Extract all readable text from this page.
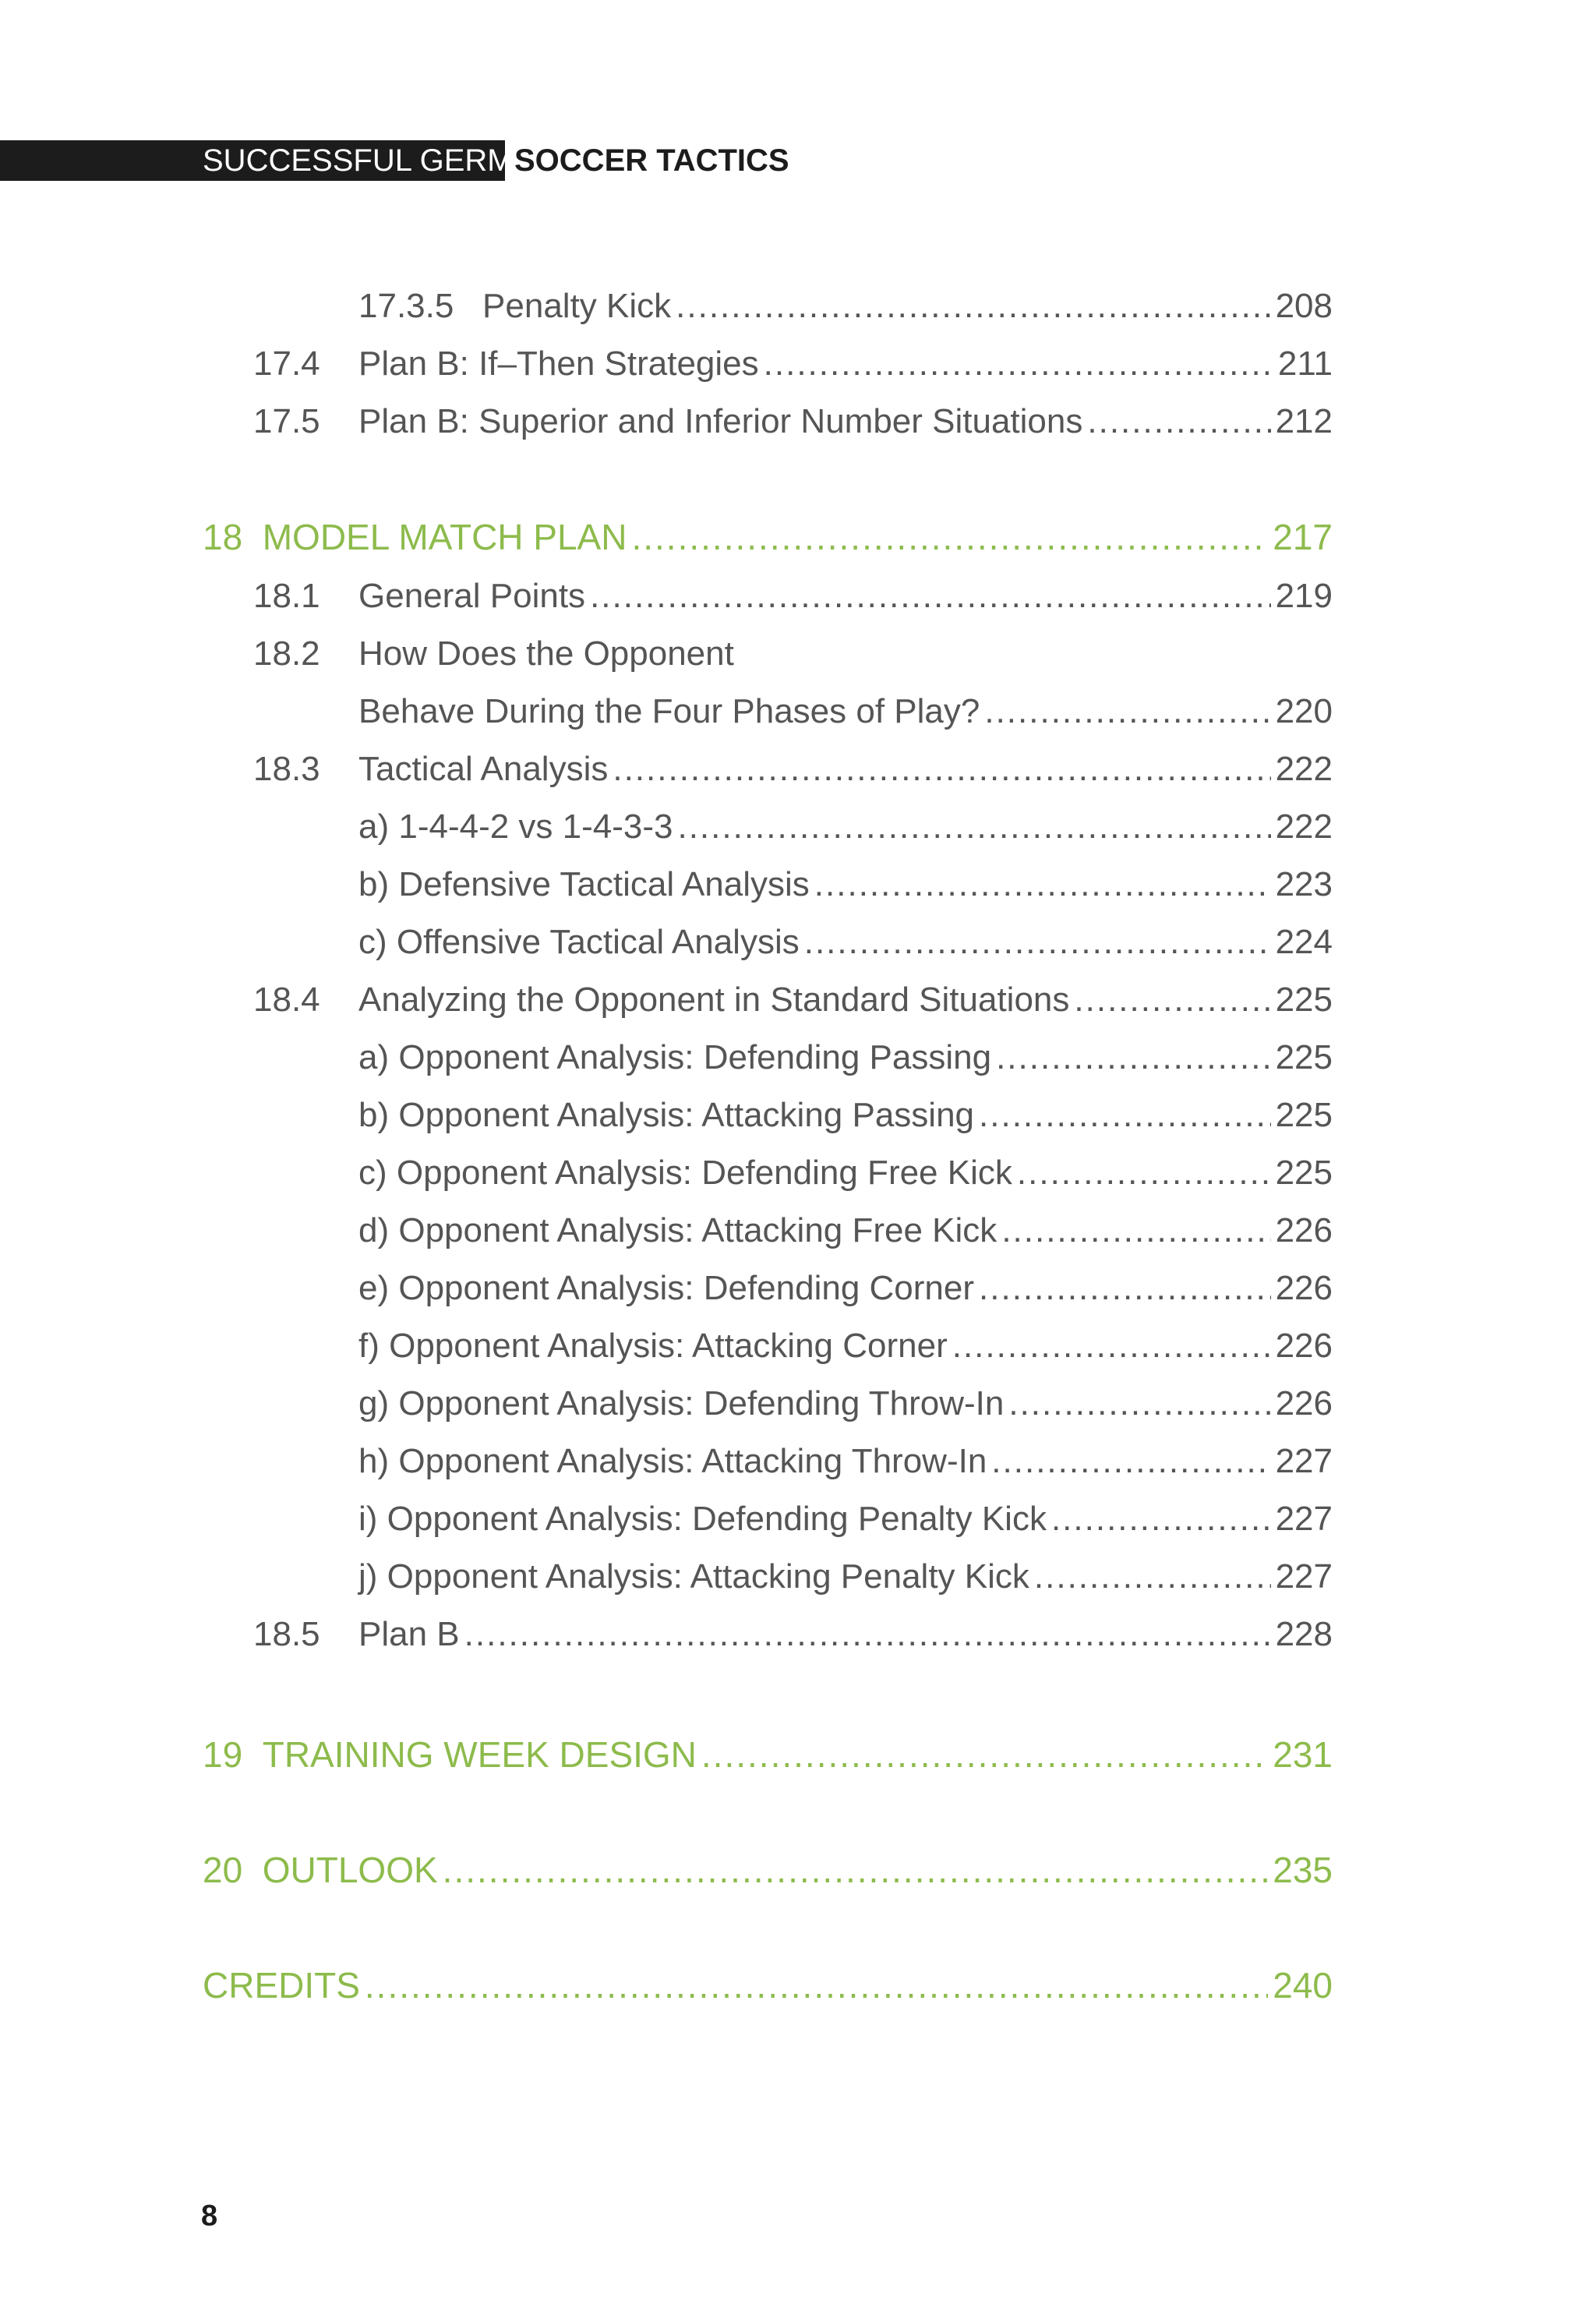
SUCCESSFUL GERMAN
SOCCER TACTICS
17.3.5 Penalty Kick .....	208
17.4 Plan B: If–Then Strategies .....	211
17.5 Plan B: Superior and Inferior Number Situations .....	212
18 MODEL MATCH PLAN .....	217
18.1 General Points .....	219
18.2 How Does the Opponent
Behave During the Four Phases of Play? .....	220
18.3 Tactical Analysis .....	222
a) 1-4-4-2 vs 1-4-3-3 .....	222
b) Defensive Tactical Analysis .....	223
c) Offensive Tactical Analysis .....	224
18.4 Analyzing the Opponent in Standard Situations .....	225
a) Opponent Analysis: Defending Passing .....	225
b) Opponent Analysis: Attacking Passing .....	225
c) Opponent Analysis: Defending Free Kick .....	225
d) Opponent Analysis: Attacking Free Kick .....	226
e) Opponent Analysis: Defending Corner .....	226
f) Opponent Analysis: Attacking Corner .....	226
g) Opponent Analysis: Defending Throw-In .....	226
h) Opponent Analysis: Attacking Throw-In .....	227
i) Opponent Analysis: Defending Penalty Kick .....	227
j) Opponent Analysis: Attacking Penalty Kick .....	227
18.5 Plan B .....	228
19 TRAINING WEEK DESIGN .....	231
20 OUTLOOK .....	235
CREDITS .....	240
8
